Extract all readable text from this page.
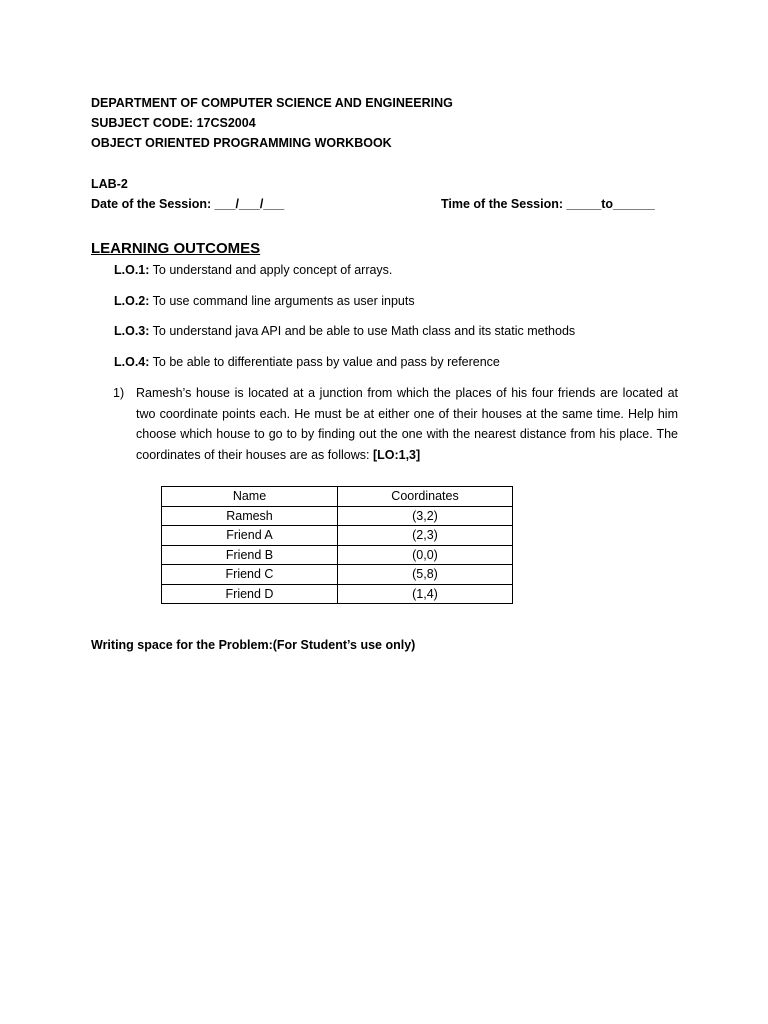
DEPARTMENT OF COMPUTER SCIENCE AND ENGINEERING
SUBJECT CODE: 17CS2004
OBJECT ORIENTED PROGRAMMING WORKBOOK
LAB-2
Date of the Session: ___/___/___	Time of the Session: _____to______
LEARNING OUTCOMES
L.O.1: To understand and apply concept of arrays.
L.O.2: To use command line arguments as user inputs
L.O.3: To understand java API and be able to use Math class and its static methods
L.O.4: To be able to differentiate pass by value and pass by reference
1) Ramesh’s house is located at a junction from which the places of his four friends are located at two coordinate points each. He must be at either one of their houses at the same time. Help him choose which house to go to by finding out the one with the nearest distance from his place. The coordinates of their houses are as follows: [LO:1,3]
Name	Coordinates
Ramesh	(3,2)
Friend A	(2,3)
Friend B	(0,0)
Friend C	(5,8)
Friend D	(1,4)
Writing space for the Problem:(For Student’s use only)
